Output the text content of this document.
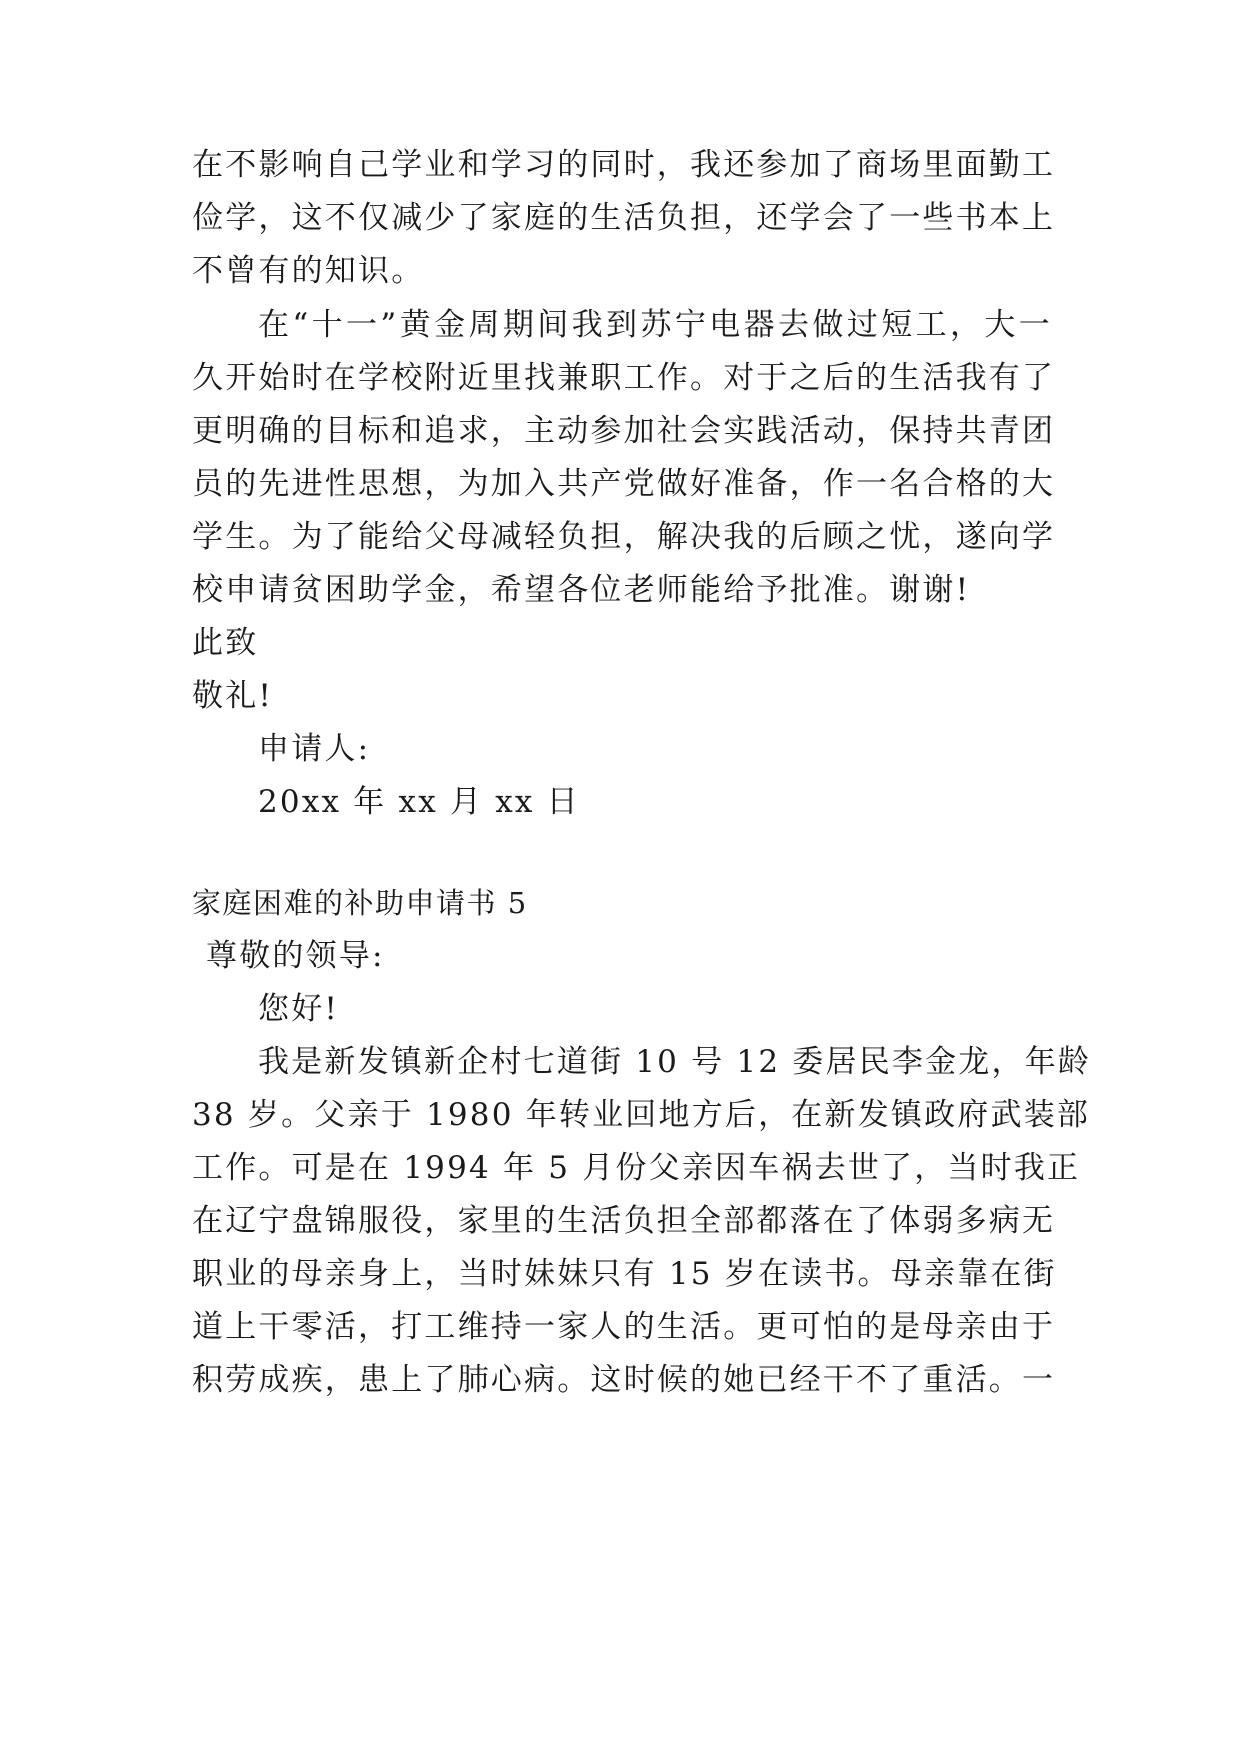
在不影响自己学业和学习的同时，我还参加了商场里面勤工
俭学，这不仅减少了家庭的生活负担，还学会了一些书本上
不曾有的知识。
在“十一”黄金周期间我到苏宁电器去做过短工，大一
久开始时在学校附近里找兼职工作。对于之后的生活我有了
更明确的目标和追求，主动参加社会实践活动，保持共青团
员的先进性思想，为加入共产党做好准备，作一名合格的大
学生。为了能给父母减轻负担，解决我的后顾之忧，遂向学
校申请贫困助学金，希望各位老师能给予批准。谢谢!
此致
敬礼!
申请人:
20xx 年 xx 月 xx 日
家庭困难的补助申请书 5
尊敬的领导:
您好!
我是新发镇新企村七道街 10 号 12 委居民李金龙，年龄
38 岁。父亲于 1980 年转业回地方后，在新发镇政府武装部
工作。可是在 1994 年 5 月份父亲因车祸去世了，当时我正
在辽宁盘锦服役，家里的生活负担全部都落在了体弱多病无
职业的母亲身上，当时妹妹只有 15 岁在读书。母亲靠在街
道上干零活，打工维持一家人的生活。更可怕的是母亲由于
积劳成疾，患上了肺心病。这时候的她已经干不了重活。一
